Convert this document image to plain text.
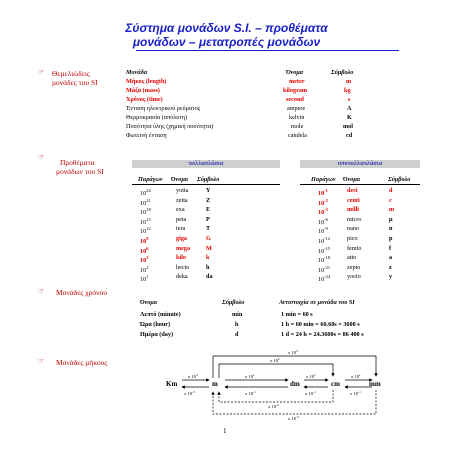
Σύστημα μονάδων S.I. – προθέματα
μονάδων – μετατροπές μονάδων
☞ Θεμελιώδεις
μονάδες του SI
Μονάδα	Όνομα	Σύμβολο
Μήκος (length)	meter	m
Μάζα (mass)	kilogram	kg
Χρόνος (time)	second	s
Ένταση ηλεκτρικού ρεύματος	ampere	A
Θερμοκρασία (απόλυτη)	kelvin	K
Ποσότητα ύλης (χημική ποσότητα)	mole	mol
Φωτεινή ένταση	candela	cd
☞
Προθέματα
μονάδων του SI
πολλαπλάσια	υποπολλαπλάσια
Παράγων Όνομα Σύμβολο	Παράγων Όνομα	Σύμβολο
$10^{24}$	yotta	Y
$10^{21}$	zetta	Z
$10^{18}$	exa	E
$10^{15}$	peta	P
$10^{12}$	tera	T
$10^9$	giga	G
$10^6$	mega	M
$10^3$	kilo	k
$10^2$	hecto	h
$10^1$	deka	da
$10^{-1}$	deci	d
$10^{-2}$	centi	c
$10^{-3}$	milli	m
$10^{-6}$	micro	μ
$10^{-9}$	nano	n
$10^{-12}$	pico	p
$10^{-15}$	femto	f
$10^{-18}$	atto	a
$10^{-21}$	zepto	z
$10^{-24}$	yocto	y
☞ Μονάδες χρόνου
Όνομα	Σύμβολο	Αντιστοιχία σε μονάδα του SI
Λεπτό (minute)	min	1 min = 60 s
Ώρα (hour)	h	1 h = 60 min = 60.60s = 3600 s
Ημέρα (day)	d	1 d = 24 h = 24.3600s = 86 400 s
☞ Μονάδες μήκους
Km	m	dm	cm	mm
x $10^3$
x $10^2$
x $10^3$	x $10^1$	x $10^1$	x $10^1$
x $10^{-3}$	x $10^{-1}$	x $10^{-1}$	x $10^{-1}$
x $10^{-2}$
x $10^{-3}$
1
